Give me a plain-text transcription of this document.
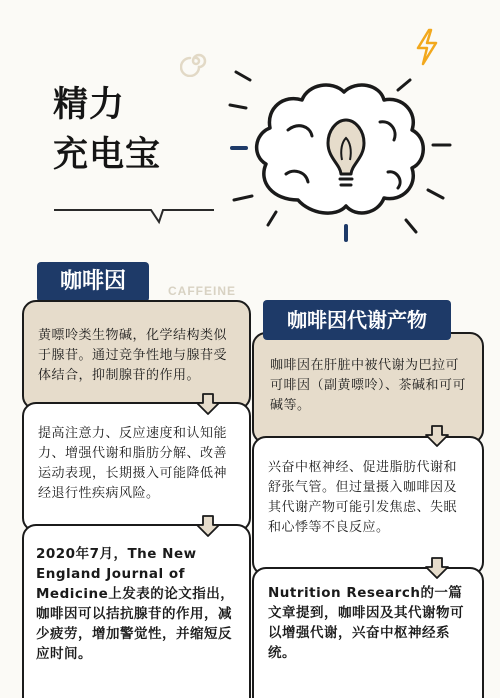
精力
充电宝
咖啡因	CAFFEINE
黄嘌呤类生物碱，化学结构类似于腺苷。通过竞争性地与腺苷受体结合，抑制腺苷的作用。
提高注意力、反应速度和认知能力、增强代谢和脂肪分解、改善运动表现，长期摄入可能降低神经退行性疾病风险。
2020年7月，The New England Journal of Medicine上发表的论文指出，咖啡因可以拮抗腺苷的作用，减少疲劳，增加警觉性，并缩短反应时间。
咖啡因在肝脏中被代谢为巴拉可可啡因（副黄嘌呤）、茶碱和可可碱等。
兴奋中枢神经、促进脂肪代谢和舒张气管。但过量摄入咖啡因及其代谢产物可能引发焦虑、失眠和心悸等不良反应。
Nutrition Research的一篇文章提到，咖啡因及其代谢物可以增强代谢，兴奋中枢神经系统。
咖啡因代谢产物
